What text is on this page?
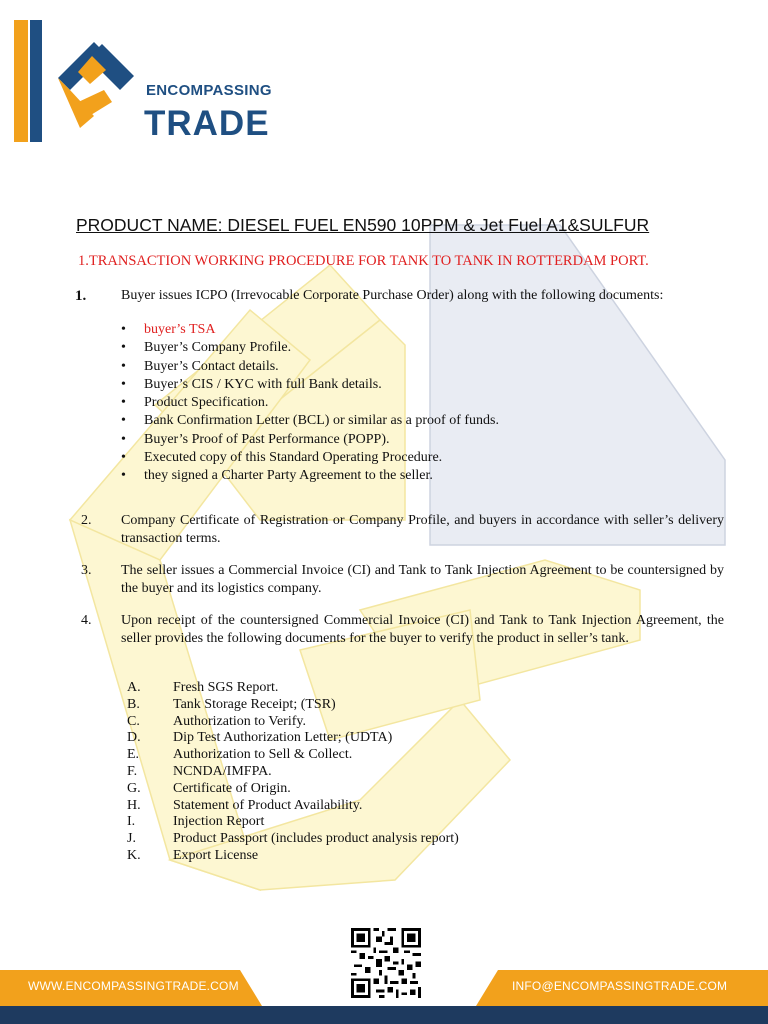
ENCOMPASSING
TRADE
PRODUCT NAME: DIESEL FUEL EN590 10PPM & Jet Fuel A1&SULFUR
1.TRANSACTION WORKING PROCEDURE FOR TANK TO TANK IN ROTTERDAM PORT.
1. Buyer issues ICPO (Irrevocable Corporate Purchase Order) along with the following documents:
• buyer’s TSA
• Buyer’s Company Profile.
• Buyer’s Contact details.
• Buyer’s CIS / KYC with full Bank details.
• Product Specification.
• Bank Confirmation Letter (BCL) or similar as a proof of funds.
• Buyer’s Proof of Past Performance (POPP).
• Executed copy of this Standard Operating Procedure.
• they signed a Charter Party Agreement to the seller.
2. Company Certificate of Registration or Company Profile, and buyers in accordance with seller’s delivery transaction terms.
3. The seller issues a Commercial Invoice (CI) and Tank to Tank Injection Agreement to be countersigned by the buyer and its logistics company.
4. Upon receipt of the countersigned Commercial Invoice (CI) and Tank to Tank Injection Agreement, the seller provides the following documents for the buyer to verify the product in seller’s tank.
A. Fresh SGS Report.
B. Tank Storage Receipt; (TSR)
C. Authorization to Verify.
D. Dip Test Authorization Letter; (UDTA)
E. Authorization to Sell & Collect.
F.	NCNDA/IMFPA.
G. Certificate of Origin.
H. Statement of Product Availability.
I.	Injection Report
J.	Product Passport (includes product analysis report)
K. Export License
WWW.ENCOMPASSINGTRADE.COM	INFO@ENCOMPASSINGTRADE.COM
